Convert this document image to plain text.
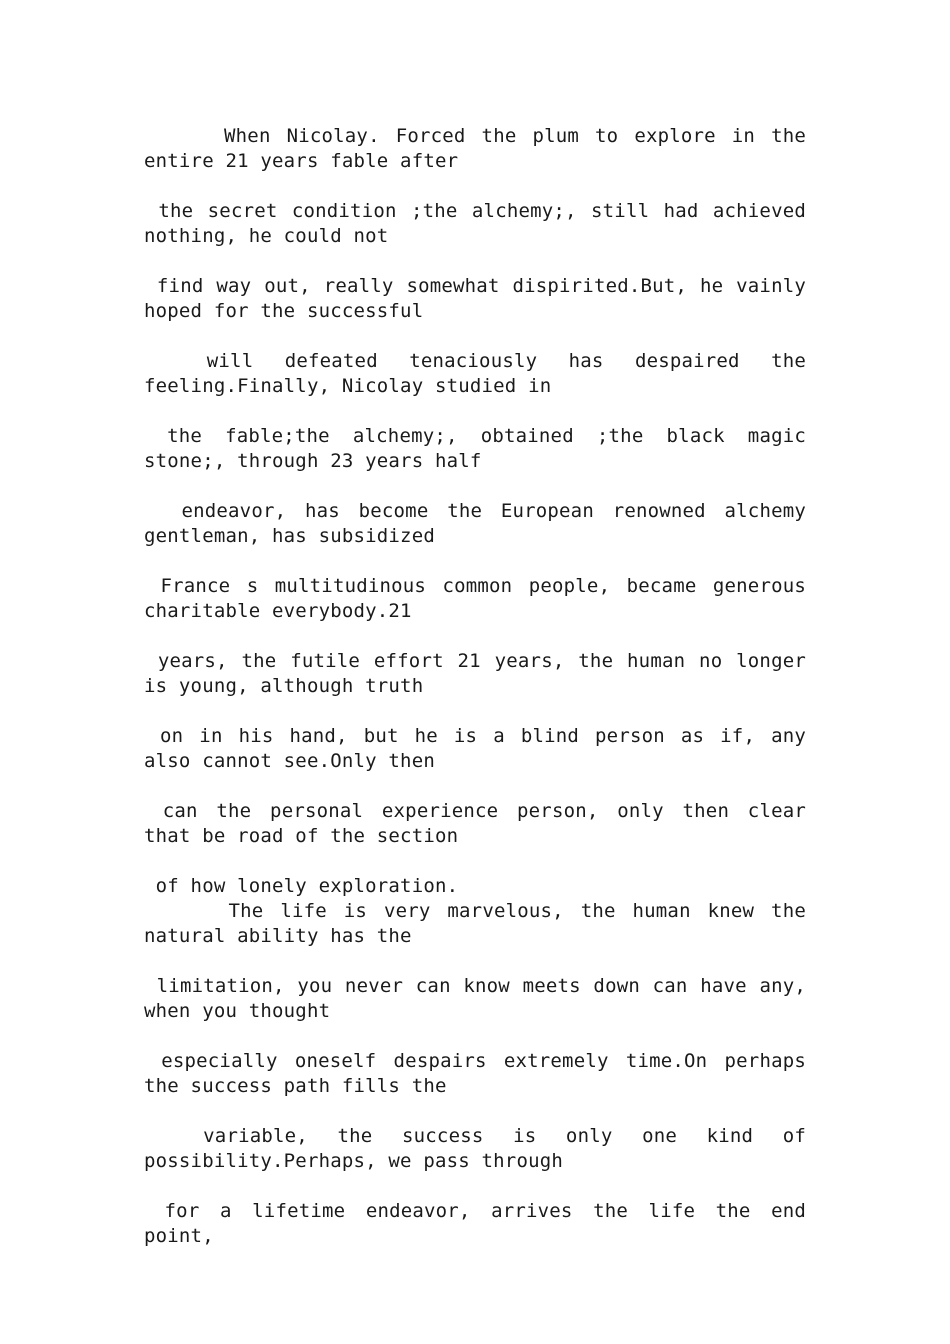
When Nicolay. Forced the plum to explore in the entire 21 years fable after

the secret condition ;the alchemy;, still had achieved nothing, he could not

find way out, really somewhat dispirited.But, he vainly hoped for the successful

will defeated tenaciously has despaired the feeling.Finally, Nicolay studied in

the fable;the alchemy;, obtained ;the black magic stone;, through 23 years half

endeavor, has become the European renowned alchemy gentleman, has subsidized

France s multitudinous common people, became generous charitable everybody.21

years, the futile effort 21 years, the human no longer is young, although truth

on in his hand, but he is a blind person as if, any also cannot see.Only then

can the personal experience person, only then clear that be road of the section

of how lonely exploration.

The life is very marvelous, the human knew the natural ability has the

limitation, you never can know meets down can have any, when you thought

especially oneself despairs extremely time.On perhaps the success path fills the

variable, the success is only one kind of possibility.Perhaps, we pass through

for a lifetime endeavor, arrives the life the end point,
